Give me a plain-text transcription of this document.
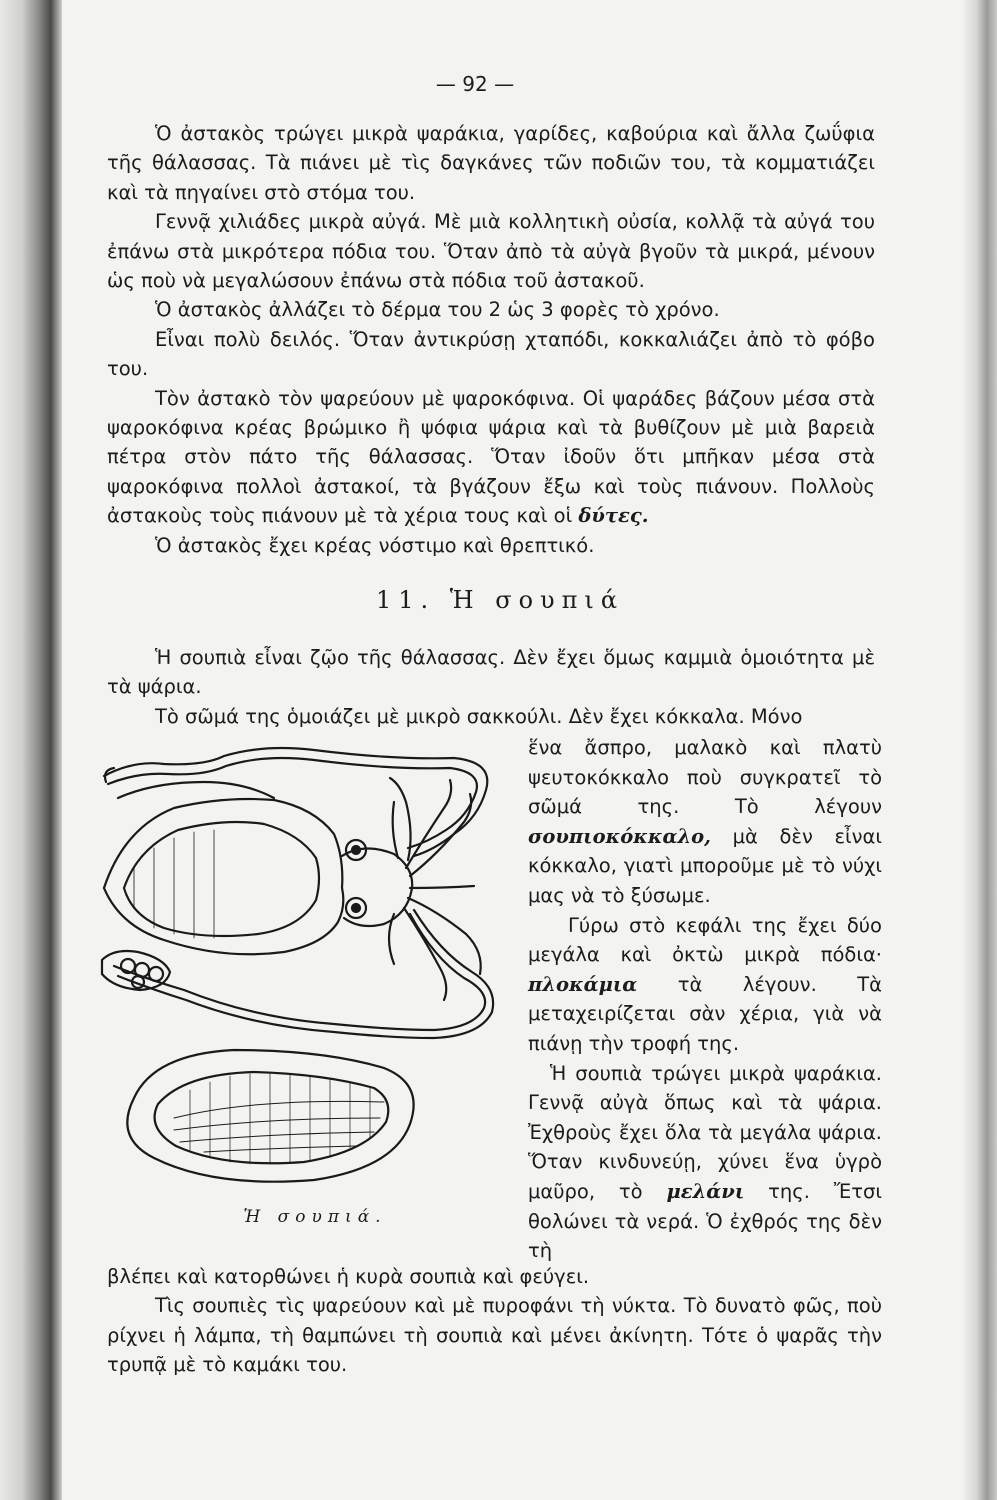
— 92 —

Ὁ ἀστακὸς τρώγει μικρὰ ψαράκια, γαρίδες, καβούρια καὶ ἄλλα ζωΰφια τῆς θάλασσας. Τὰ πιάνει μὲ τὶς δαγκάνες τῶν ποδιῶν του, τὰ κομματιάζει καὶ τὰ πηγαίνει στὸ στόμα του.
Γεννᾷ χιλιάδες μικρὰ αὐγά. Μὲ μιὰ κολλητικὴ οὐσία, κολλᾷ τὰ αὐγά του ἐπάνω στὰ μικρότερα πόδια του. Ὅταν ἀπὸ τὰ αὐγὰ βγοῦν τὰ μικρά, μένουν ὡς ποὺ νὰ μεγαλώσουν ἐπάνω στὰ πόδια τοῦ ἀστακοῦ.
Ὁ ἀστακὸς ἀλλάζει τὸ δέρμα του 2 ὡς 3 φορὲς τὸ χρόνο.
Εἶναι πολὺ δειλός. Ὅταν ἀντικρύσῃ χταπόδι, κοκκαλιάζει ἀπὸ τὸ φόβο του.
Τὸν ἀστακὸ τὸν ψαρεύουν μὲ ψαροκόφινα. Οἱ ψαράδες βάζουν μέσα στὰ ψαροκόφινα κρέας βρώμικο ἢ ψόφια ψάρια καὶ τὰ βυθίζουν μὲ μιὰ βαρειὰ πέτρα στὸν πάτο τῆς θάλασσας. Ὅταν ἰδοῦν ὅτι μπῆκαν μέσα στὰ ψαροκόφινα πολλοὶ ἀστακοί, τὰ βγάζουν ἔξω καὶ τοὺς πιάνουν. Πολλοὺς ἀστακοὺς τοὺς πιάνουν μὲ τὰ χέρια τους καὶ οἱ δύτες.
Ὁ ἀστακὸς ἔχει κρέας νόστιμο καὶ θρεπτικό.

11. Ἡ σουπιά

Ἡ σουπιὰ εἶναι ζῷο τῆς θάλασσας. Δὲν ἔχει ὅμως καμμιὰ ὁμοιότητα μὲ τὰ ψάρια.
Τὸ σῶμά της ὁμοιάζει μὲ μικρὸ σακκούλι. Δὲν ἔχει κόκκαλα. Μόνο

ἕνα ἄσπρο, μαλακὸ καὶ πλατὺ ψευτοκόκκαλο ποὺ συγκρατεῖ τὸ σῶμά της. Τὸ λέγουν σουπιοκόκκαλο, μὰ δὲν εἶναι κόκκαλο, γιατὶ μποροῦμε μὲ τὸ νύχι μας νὰ τὸ ξύσωμε.
Γύρω στὸ κεφάλι της ἔχει δύο μεγάλα καὶ ὀκτὼ μικρὰ πόδια· πλοκάμια τὰ λέγουν. Τὰ μεταχειρίζεται σὰν χέρια, γιὰ νὰ πιάνῃ τὴν τροφή της.
Ἡ σουπιὰ τρώγει μικρὰ ψαράκια. Γεννᾷ αὐγὰ ὅπως καὶ τὰ ψάρια. Ἐχθροὺς ἔχει ὅλα τὰ μεγάλα ψάρια. Ὅταν κινδυνεύῃ, χύνει ἕνα ὑγρὸ μαῦρο, τὸ μελάνι της. Ἔτσι θολώνει τὰ νερά. Ὁ ἐχθρός της δὲν τὴ

Ἡ σουπιά.

βλέπει καὶ κατορθώνει ἡ κυρὰ σουπιὰ καὶ φεύγει.
Τὶς σουπιὲς τὶς ψαρεύουν καὶ μὲ πυροφάνι τὴ νύκτα. Τὸ δυνατὸ φῶς, ποὺ ρίχνει ἡ λάμπα, τὴ θαμπώνει τὴ σουπιὰ καὶ μένει ἀκίνητη. Τότε ὁ ψαρᾶς τὴν τρυπᾷ μὲ τὸ καμάκι του.
